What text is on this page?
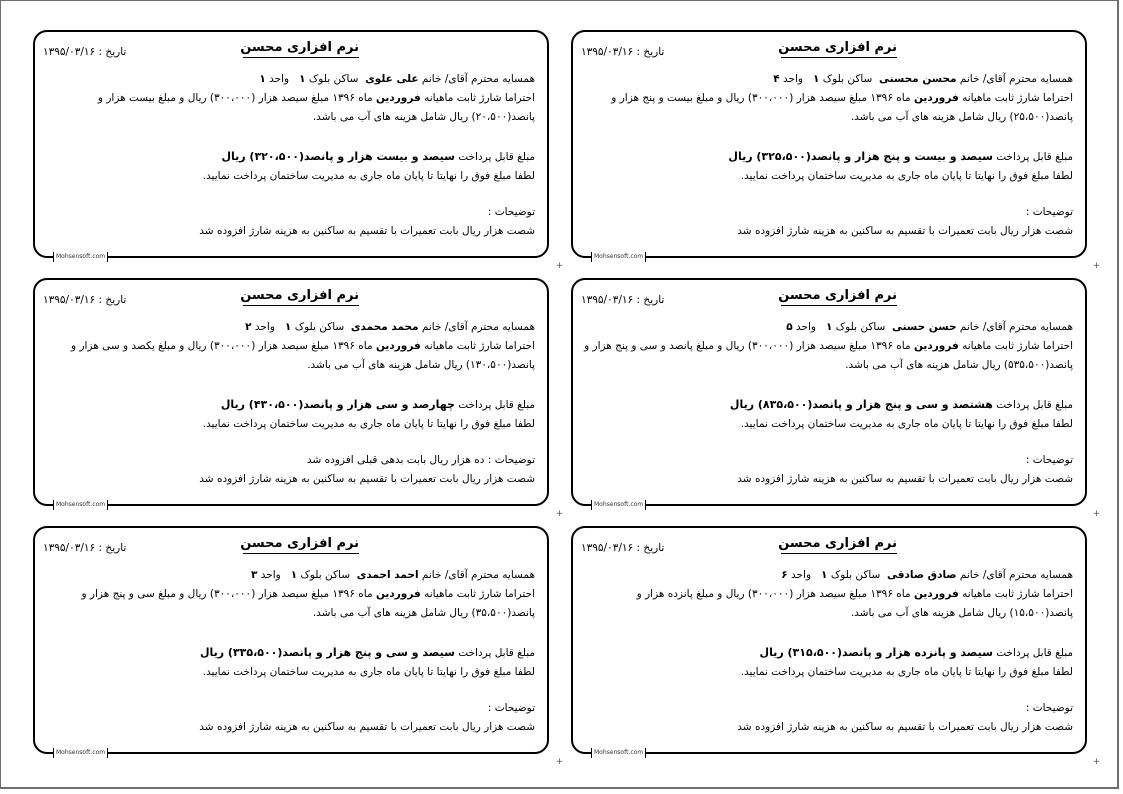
نرم افزاری محسن
تاریخ : ۱۳۹۵/۰۳/۱۶
همسایه محترم آقای/ خانم محسن محسنی  ساکن بلوک ۱   واحد ۴
احتراما شارژ ثابت ماهیانه فروردین ماه ۱۳۹۶ مبلغ سیصد هزار (۳۰۰،۰۰۰) ریال و مبلغ بیست و پنج هزار و پانصد(۲۵،۵۰۰) ریال شامل هزینه های آب می باشد.
مبلغ قابل پرداخت سیصد و بیست و پنج هزار و پانصد(۳۲۵،۵۰۰) ریال
لطفا مبلغ فوق را نهایتا تا پایان ماه جاری به مدیریت ساختمان پرداخت نمایید.
توضیحات :
شصت هزار ریال بابت تعمیرات با تقسیم به ساکنین به هزینه شارژ افزوده شد
Mohsensoft.com
نرم افزاری محسن
تاریخ : ۱۳۹۵/۰۳/۱۶
همسایه محترم آقای/ خانم علی علوی  ساکن بلوک ۱   واحد ۱
احتراما شارژ ثابت ماهیانه فروردین ماه ۱۳۹۶ مبلغ سیصد هزار (۳۰۰،۰۰۰) ریال و مبلغ بیست هزار و پانصد(۲۰،۵۰۰) ریال شامل هزینه های آب می باشد.
مبلغ قابل پرداخت سیصد و بیست هزار و پانصد(۳۲۰،۵۰۰) ریال
لطفا مبلغ فوق را نهایتا تا پایان ماه جاری به مدیریت ساختمان پرداخت نمایید.
توضیحات :
شصت هزار ریال بابت تعمیرات با تقسیم به ساکنین به هزینه شارژ افزوده شد
Mohsensoft.com
نرم افزاری محسن
تاریخ : ۱۳۹۵/۰۳/۱۶
همسایه محترم آقای/ خانم حسن حسنی  ساکن بلوک ۱   واحد ۵
احتراما شارژ ثابت ماهیانه فروردین ماه ۱۳۹۶ مبلغ سیصد هزار (۳۰۰،۰۰۰) ریال و مبلغ پانصد و سی و پنج هزار و پانصد(۵۳۵،۵۰۰) ریال شامل هزینه های آب می باشد.
مبلغ قابل پرداخت هشتصد و سی و پنج هزار و پانصد(۸۳۵،۵۰۰) ریال
لطفا مبلغ فوق را نهایتا تا پایان ماه جاری به مدیریت ساختمان پرداخت نمایید.
توضیحات :
شصت هزار ریال بابت تعمیرات با تقسیم به ساکنین به هزینه شارژ افزوده شد
Mohsensoft.com
نرم افزاری محسن
تاریخ : ۱۳۹۵/۰۳/۱۶
همسایه محترم آقای/ خانم محمد محمدی  ساکن بلوک ۱   واحد ۲
احتراما شارژ ثابت ماهیانه فروردین ماه ۱۳۹۶ مبلغ سیصد هزار (۳۰۰،۰۰۰) ریال و مبلغ یکصد و سی هزار و پانصد(۱۳۰،۵۰۰) ریال شامل هزینه های آب می باشد.
مبلغ قابل پرداخت چهارصد و سی هزار و پانصد(۴۳۰،۵۰۰) ریال
لطفا مبلغ فوق را نهایتا تا پایان ماه جاری به مدیریت ساختمان پرداخت نمایید.
توضیحات : ده هزار ریال بابت بدهی قبلی افزوده شد
شصت هزار ریال بابت تعمیرات با تقسیم به ساکنین به هزینه شارژ افزوده شد
Mohsensoft.com
نرم افزاری محسن
تاریخ : ۱۳۹۵/۰۳/۱۶
همسایه محترم آقای/ خانم صادق صادقی  ساکن بلوک ۱   واحد ۶
احتراما شارژ ثابت ماهیانه فروردین ماه ۱۳۹۶ مبلغ سیصد هزار (۳۰۰،۰۰۰) ریال و مبلغ پانزده هزار و پانصد(۱۵،۵۰۰) ریال شامل هزینه های آب می باشد.
مبلغ قابل پرداخت سیصد و پانزده هزار و پانصد(۳۱۵،۵۰۰) ریال
لطفا مبلغ فوق را نهایتا تا پایان ماه جاری به مدیریت ساختمان پرداخت نمایید.
توضیحات :
شصت هزار ریال بابت تعمیرات با تقسیم به ساکنین به هزینه شارژ افزوده شد
Mohsensoft.com
نرم افزاری محسن
تاریخ : ۱۳۹۵/۰۳/۱۶
همسایه محترم آقای/ خانم احمد احمدی  ساکن بلوک ۱   واحد ۳
احتراما شارژ ثابت ماهیانه فروردین ماه ۱۳۹۶ مبلغ سیصد هزار (۳۰۰،۰۰۰) ریال و مبلغ سی و پنج هزار و پانصد(۳۵،۵۰۰) ریال شامل هزینه های آب می باشد.
مبلغ قابل پرداخت سیصد و سی و پنج هزار و پانصد(۳۳۵،۵۰۰) ریال
لطفا مبلغ فوق را نهایتا تا پایان ماه جاری به مدیریت ساختمان پرداخت نمایید.
توضیحات :
شصت هزار ریال بابت تعمیرات با تقسیم به ساکنین به هزینه شارژ افزوده شد
Mohsensoft.com
+	+
+	+
+	+
